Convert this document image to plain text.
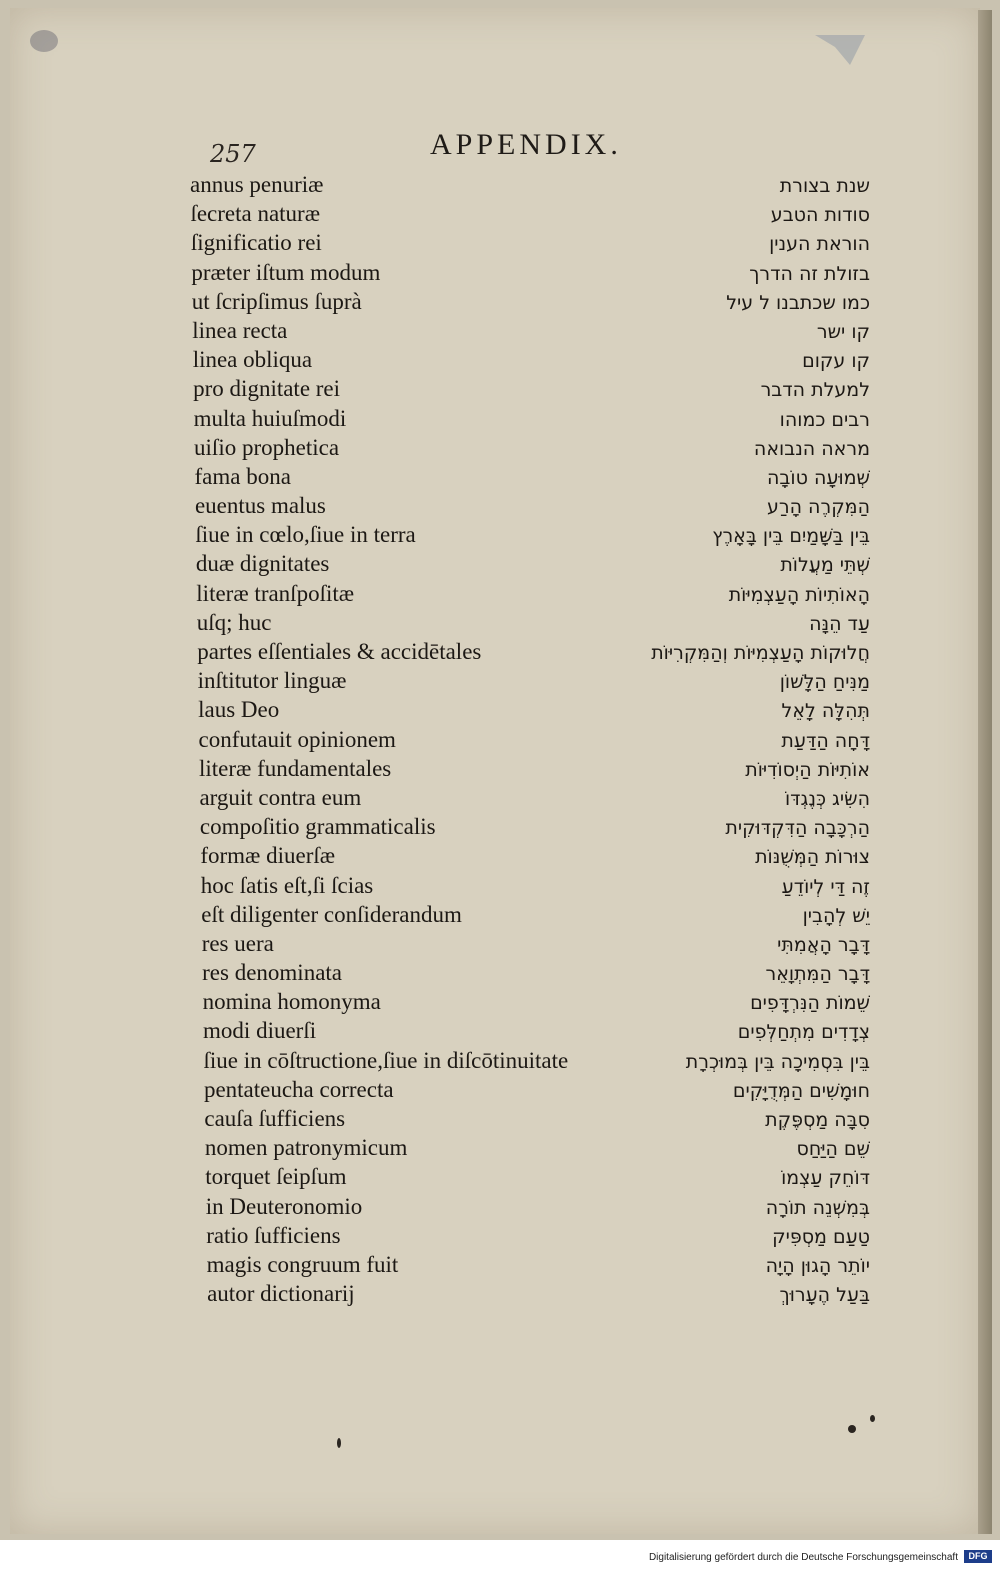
257	APPENDIX.
annus penuriæ	שנת בצורת
ſecreta naturæ	סודות הטבע
ſignificatio rei	הוראת הענין
præter iſtum modum	בזולת זה הדרך
ut ſcripſimus ſuprà	כמו שכתבנו ל עיל
linea recta	קו ישר
linea obliqua	קו עקום
pro dignitate rei	למעלת הדבר
multa huiuſmodi	רבים כמוהו
uiſio prophetica	מראה הנבואה
fama bona	שְׁמוּעָה טוֹבָה
euentus malus	הַמִּקְרֶה הָרַע
ſiue in cœlo,ſiue in terra	בֵּין בַּשָּׁמַיִם בֵּין בָּאָרֶץ
duæ dignitates	שְׁתֵּי מַעֲלוֹת
literæ tranſpoſitæ	הָאוֹתִיוֹת הָעַצְמִיּוֹת
uſq; huc	עַד הֵנָּה
partes eſſentiales & accidētales	חֲלוּקוֹת הָעַצְמִיּוֹת וְהַמִּקְרִיּוֹת
inſtitutor linguæ	מַנִּיחַ הַלָּשׁוֹן
laus Deo	תְּהִלָּה לָאֵל
confutauit opinionem	דָּחָה הַדַּעַת
literæ fundamentales	אוֹתִיּוֹת הַיְסוֹדִיּוֹת
arguit contra eum	הִשִּׂיג כְּנֶגְדּוֹ
compoſitio grammaticalis	הַרְכָּבָה הַדִּקְדּוּקִית
formæ diuerſæ	צוּרוֹת הַמְּשֻׁנּוֹת
hoc ſatis eſt,ſi ſcias	זֶה דַּי לְיוֹדֵעַ
eſt diligenter conſiderandum	יֵשׁ לְהָבִין
res uera	דָּבָר הָאֲמִתִּי
res denominata	דָּבָר הַמִּתְוָאֵר
nomina homonyma	שֵׁמוֹת הַנִּרְדָּפִים
modi diuerſi	צְדָדִים מִתְחַלְּפִים
ſiue in cōſtructione,ſiue in diſcōtinuitate	בֵּין בִּסְמִיכָה בֵּין בְּמוּכְרָת
pentateucha correcta	חוּמָשִׁים הַמְּדֻיָּקִים
cauſa ſufficiens	סִבָּה מַסְפֶּקֶת
nomen patronymicum	שֵׁם הַיַּחַס
torquet ſeipſum	דּוֹחֵק עַצְמוֹ
in Deuteronomio	בְּמִשְׁנֵה תוֹרָה
ratio ſufficiens	טַעַם מַסְפִּיק
magis congruum fuit	יוֹתֵר הָגוּן הָיָה
autor dictionarij	בַּעַל הֶעָרוּךְ
Digitalisierung gefördert durch die Deutsche Forschungsgemeinschaft	DFG
